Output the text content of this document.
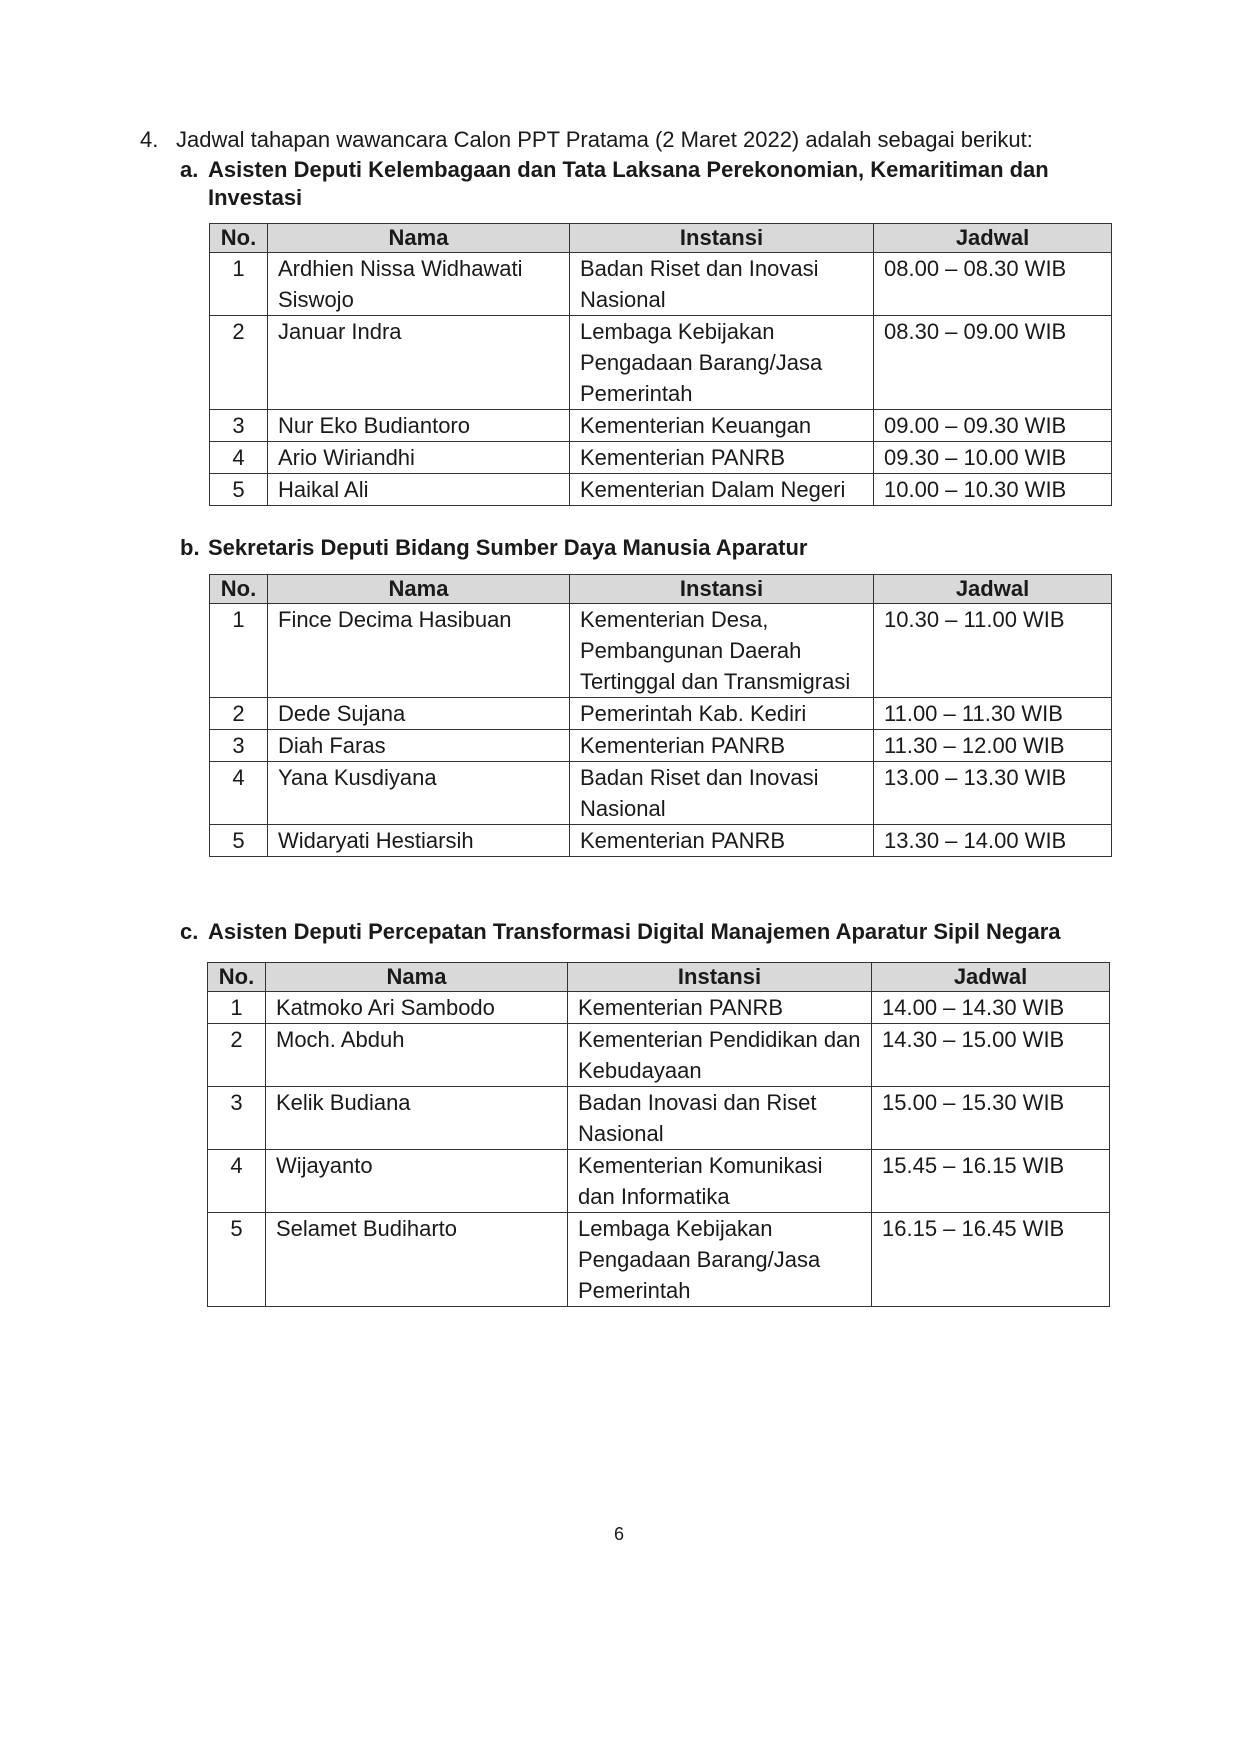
4. Jadwal tahapan wawancara Calon PPT Pratama (2 Maret 2022) adalah sebagai berikut:
a. Asisten Deputi Kelembagaan dan Tata Laksana Perekonomian, Kemaritiman dan Investasi
No.	Nama	Instansi	Jadwal
1	Ardhien Nissa Widhawati Siswojo	Badan Riset dan Inovasi Nasional	08.00 – 08.30 WIB
2	Januar Indra	Lembaga Kebijakan Pengadaan Barang/Jasa Pemerintah	08.30 – 09.00 WIB
3	Nur Eko Budiantoro	Kementerian Keuangan	09.00 – 09.30 WIB
4	Ario Wiriandhi	Kementerian PANRB	09.30 – 10.00 WIB
5	Haikal Ali	Kementerian Dalam Negeri	10.00 – 10.30 WIB
b. Sekretaris Deputi Bidang Sumber Daya Manusia Aparatur
No.	Nama	Instansi	Jadwal
1	Fince Decima Hasibuan	Kementerian Desa, Pembangunan Daerah Tertinggal dan Transmigrasi	10.30 – 11.00 WIB
2	Dede Sujana	Pemerintah Kab. Kediri	11.00 – 11.30 WIB
3	Diah Faras	Kementerian PANRB	11.30 – 12.00 WIB
4	Yana Kusdiyana	Badan Riset dan Inovasi Nasional	13.00 – 13.30 WIB
5	Widaryati Hestiarsih	Kementerian PANRB	13.30 – 14.00 WIB
c. Asisten Deputi Percepatan Transformasi Digital Manajemen Aparatur Sipil Negara
No.	Nama	Instansi	Jadwal
1	Katmoko Ari Sambodo	Kementerian PANRB	14.00 – 14.30 WIB
2	Moch. Abduh	Kementerian Pendidikan dan Kebudayaan	14.30 – 15.00 WIB
3	Kelik Budiana	Badan Inovasi dan Riset Nasional	15.00 – 15.30 WIB
4	Wijayanto	Kementerian Komunikasi dan Informatika	15.45 – 16.15 WIB
5	Selamet Budiharto	Lembaga Kebijakan Pengadaan Barang/Jasa Pemerintah	16.15 – 16.45 WIB
6
